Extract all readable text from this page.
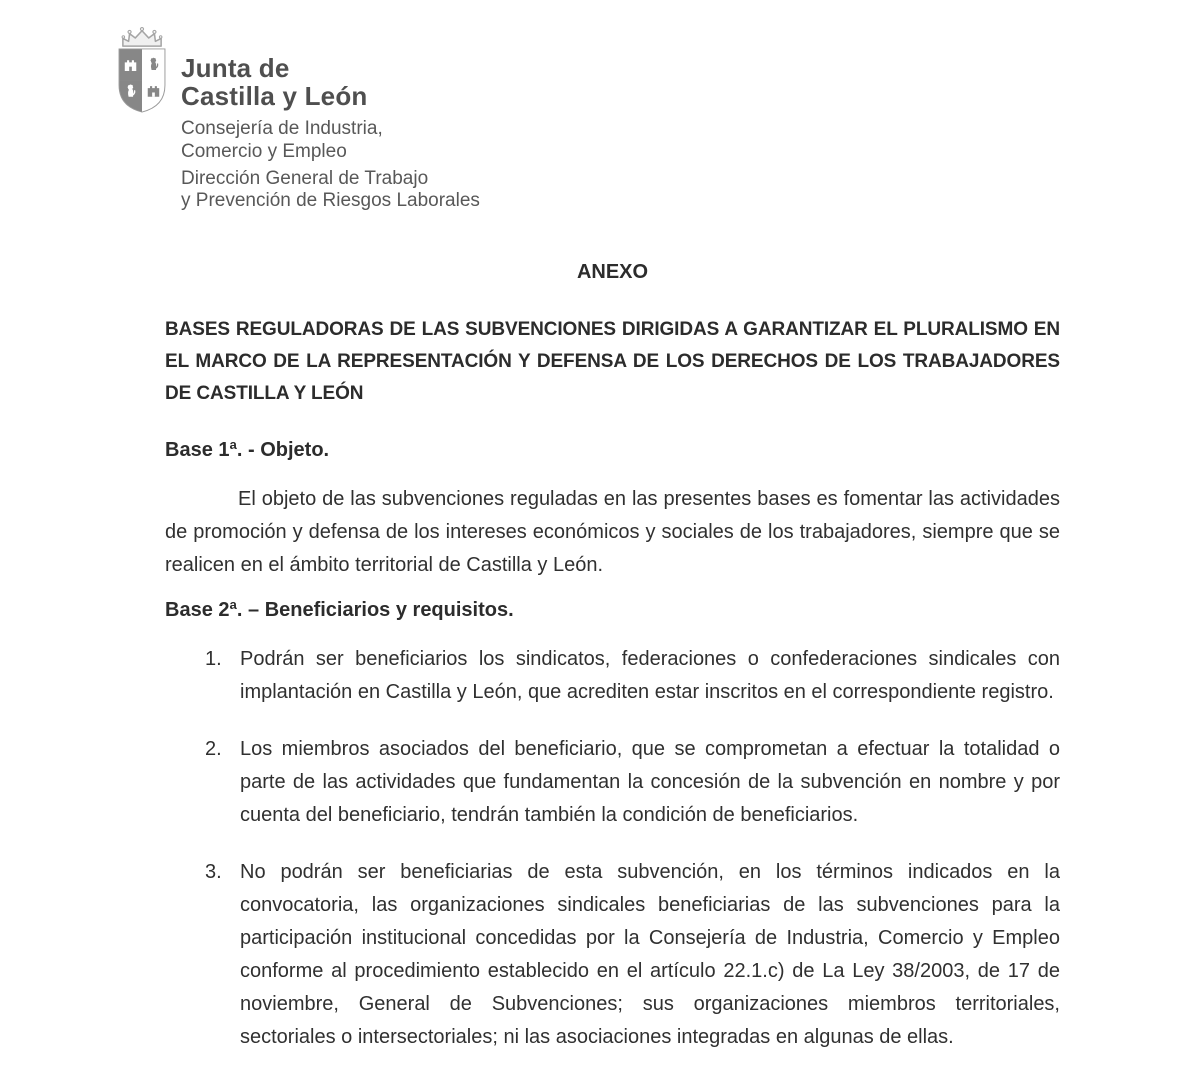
Junta de
Castilla y León
Consejería de Industria,
Comercio y Empleo
Dirección General de Trabajo
y Prevención de Riesgos Laborales
ANEXO
BASES REGULADORAS DE LAS SUBVENCIONES DIRIGIDAS A GARANTIZAR EL PLURALISMO EN EL MARCO DE LA REPRESENTACIÓN Y DEFENSA DE LOS DERECHOS DE LOS TRABAJADORES DE CASTILLA Y LEÓN
Base 1ª. - Objeto.

El objeto de las subvenciones reguladas en las presentes bases es fomentar las actividades de promoción y defensa de los intereses económicos y sociales de los trabajadores, siempre que se realicen en el ámbito territorial de Castilla y León.

Base 2ª. – Beneficiarios y requisitos.
1. Podrán ser beneficiarios los sindicatos, federaciones o confederaciones sindicales con implantación en Castilla y León, que acrediten estar inscritos en el correspondiente registro.
2. Los miembros asociados del beneficiario, que se comprometan a efectuar la totalidad o parte de las actividades que fundamentan la concesión de la subvención en nombre y por cuenta del beneficiario, tendrán también la condición de beneficiarios.
3. No podrán ser beneficiarias de esta subvención, en los términos indicados en la convocatoria, las organizaciones sindicales beneficiarias de las subvenciones para la participación institucional concedidas por la Consejería de Industria, Comercio y Empleo conforme al procedimiento establecido en el artículo 22.1.c) de La Ley 38/2003, de 17 de noviembre, General de Subvenciones; sus organizaciones miembros territoriales, sectoriales o intersectoriales; ni las asociaciones integradas en algunas de ellas.
